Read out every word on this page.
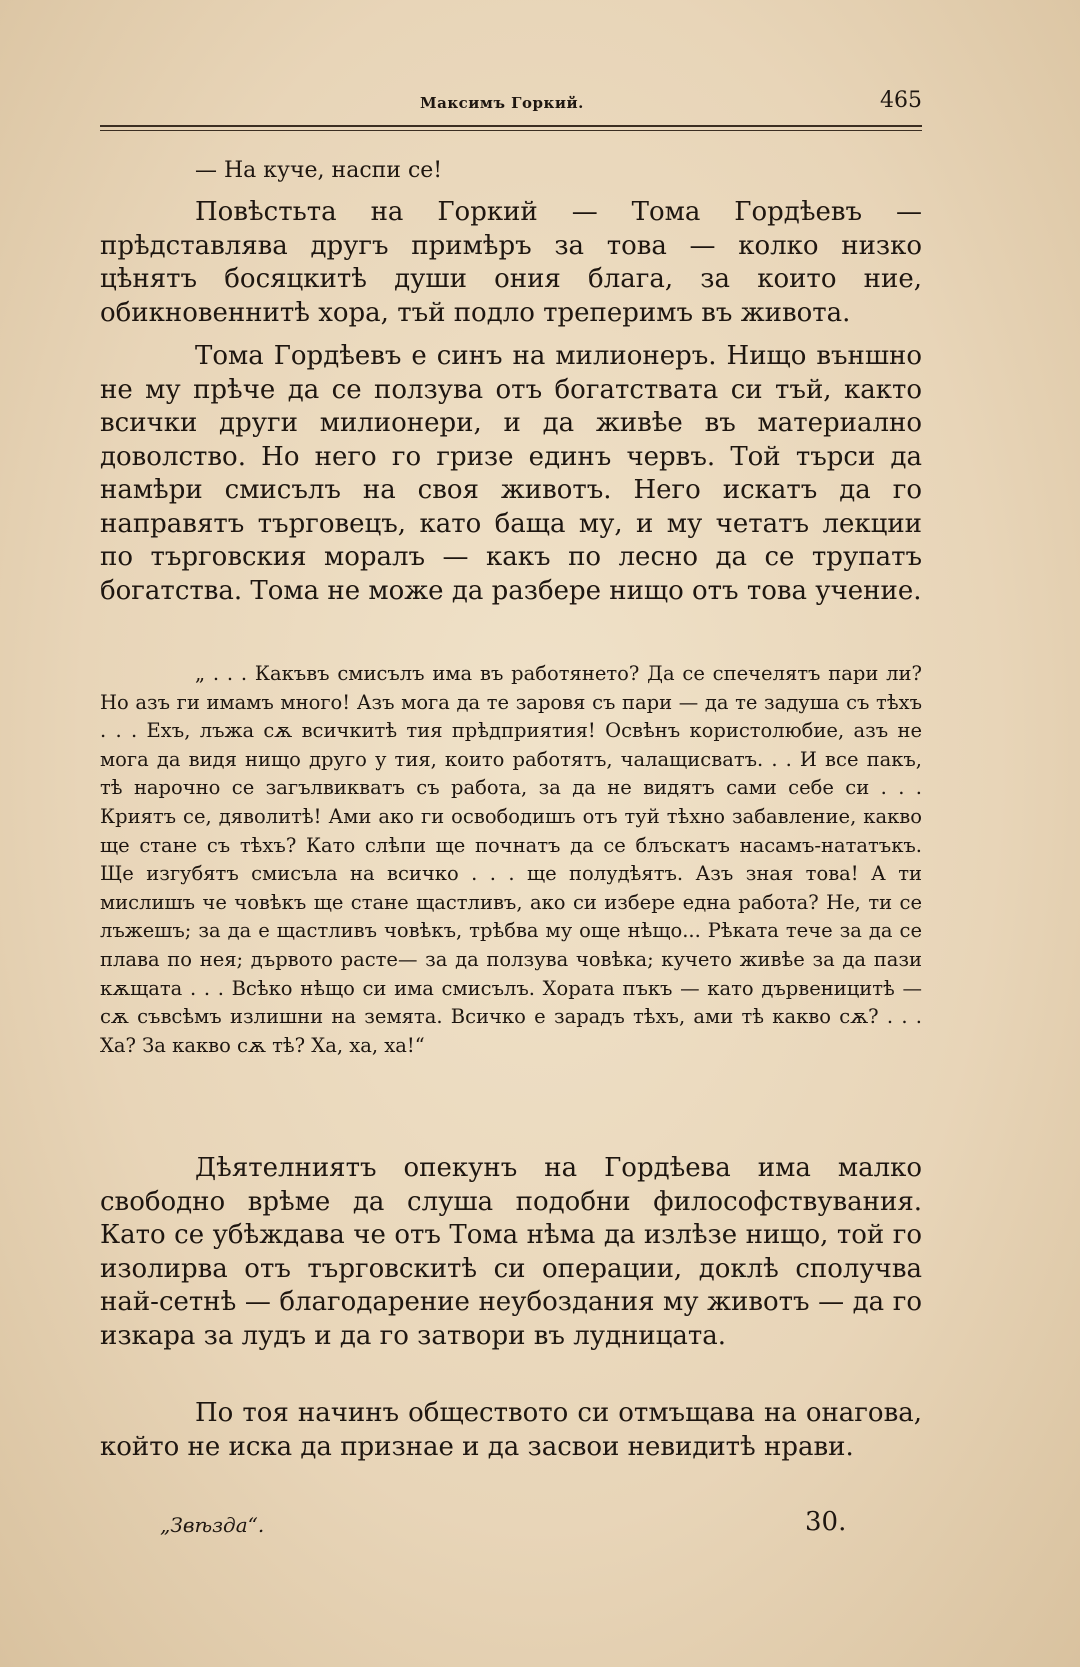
Максимъ Горкий.	465

— На куче, наспи се!

Повѣстьта на Горкий — Тома Гордѣевъ — прѣдставлява другъ примѣръ за това — колко низко цѣнятъ босяцкитѣ души ония блага, за които ние, обикновеннитѣ хора, тъй подло треперимъ въ живота.

Тома Гордѣевъ е синъ на милионеръ. Нищо външно не му прѣче да се ползува отъ богатствата си тъй, както всички други милионери, и да живѣе въ материално доволство. Но него го гризе единъ червъ. Той търси да намѣри смисълъ на своя животъ. Него искатъ да го направятъ търговецъ, като баща му, и му четатъ лекции по търговския моралъ — какъ по лесно да се трупатъ богатства. Тома не може да разбере нищо отъ това учение.

„ . . . Какъвъ смисълъ има въ работянето? Да се спечелятъ пари ли? Но азъ ги имамъ много! Азъ мога да те заровя съ пари — да те задуша съ тѣхъ . . . Ехъ, лъжа сѫ всичкитѣ тия прѣдприятия! Освѣнъ користолюбие, азъ не мога да видя нищо друго у тия, които работятъ, чалащисватъ. . . И все пакъ, тѣ нарочно се загълвикватъ съ работа, за да не видятъ сами себе си . . . Криятъ се, дяволитѣ! Ами ако ги освободишъ отъ туй тѣхно забавление, какво ще стане съ тѣхъ? Като слѣпи ще почнатъ да се блъскатъ насамъ-нататъкъ. Ще изгубятъ смисъла на всичко . . . ще полудѣятъ. Азъ зная това! А ти мислишъ че човѣкъ ще стане щастливъ, ако си избере една работа? Не, ти се лъжешъ; за да е щастливъ човѣкъ, трѣбва му още нѣщо... Рѣката тече за да се плава по нея; дървото расте— за да ползува човѣка; кучето живѣе за да пази кѫщата . . . Всѣко нѣщо си има смисълъ. Хората пъкъ — като дървеницитѣ — сѫ съвсѣмъ излишни на земята. Всичко е зарадъ тѣхъ, ами тѣ какво сѫ? . . . Ха? За какво сѫ тѣ? Ха, ха, ха!“

Дѣятелниятъ опекунъ на Гордѣева има малко свободно врѣме да слуша подобни философствувания. Като се убѣждава че отъ Тома нѣма да излѣзе нищо, той го изолирва отъ търговскитѣ си операции, доклѣ сполучва най-сетнѣ — благодарение неубоздания му животъ — да го изкара за лудъ и да го затвори въ лудницата.

По тоя начинъ обществото си отмъщава на онагова, който не иска да признае и да засвои невидитѣ нрави.

„Звѣзда“.	30.
